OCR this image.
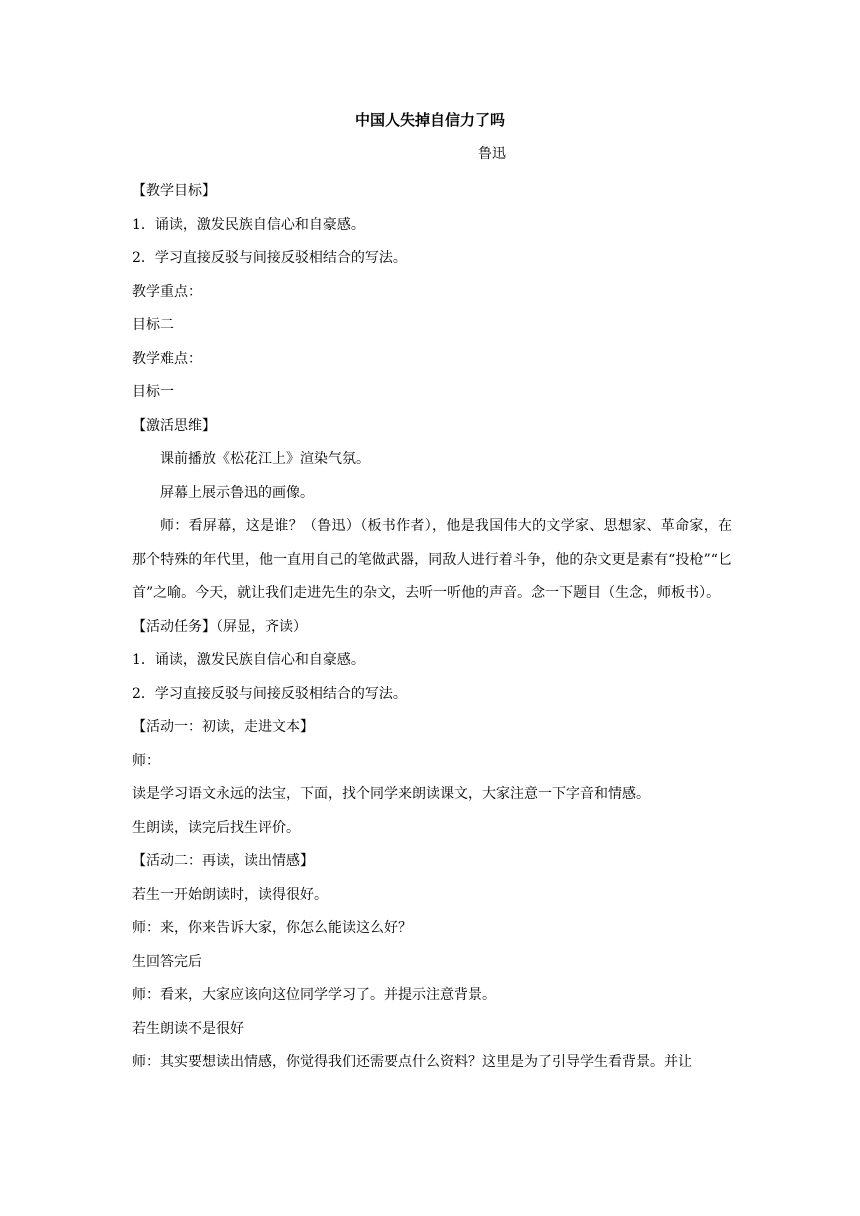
中国人失掉自信力了吗
鲁迅

【教学目标】

1．诵读，激发民族自信心和自豪感。

2．学习直接反驳与间接反驳相结合的写法。

教学重点：

目标二

教学难点：

目标一

【激活思维】

课前播放《松花江上》渲染气氛。

屏幕上展示鲁迅的画像。

师：看屏幕，这是谁？（鲁迅）（板书作者），他是我国伟大的文学家、思想家、革命家，在那个特殊的年代里，他一直用自己的笔做武器，同敌人进行着斗争，他的杂文更是素有“投枪”“匕首”之喻。今天，就让我们走进先生的杂文，去听一听他的声音。念一下题目（生念，师板书）。

【活动任务】（屏显，齐读）

1．诵读，激发民族自信心和自豪感。

2．学习直接反驳与间接反驳相结合的写法。

【活动一：初读，走进文本】

师：

读是学习语文永远的法宝，下面，找个同学来朗读课文，大家注意一下字音和情感。

生朗读，读完后找生评价。

【活动二：再读，读出情感】

若生一开始朗读时，读得很好。

师：来，你来告诉大家，你怎么能读这么好？

生回答完后

师：看来，大家应该向这位同学学习了。并提示注意背景。

若生朗读不是很好

师：其实要想读出情感，你觉得我们还需要点什么资料？这里是为了引导学生看背景。并让
